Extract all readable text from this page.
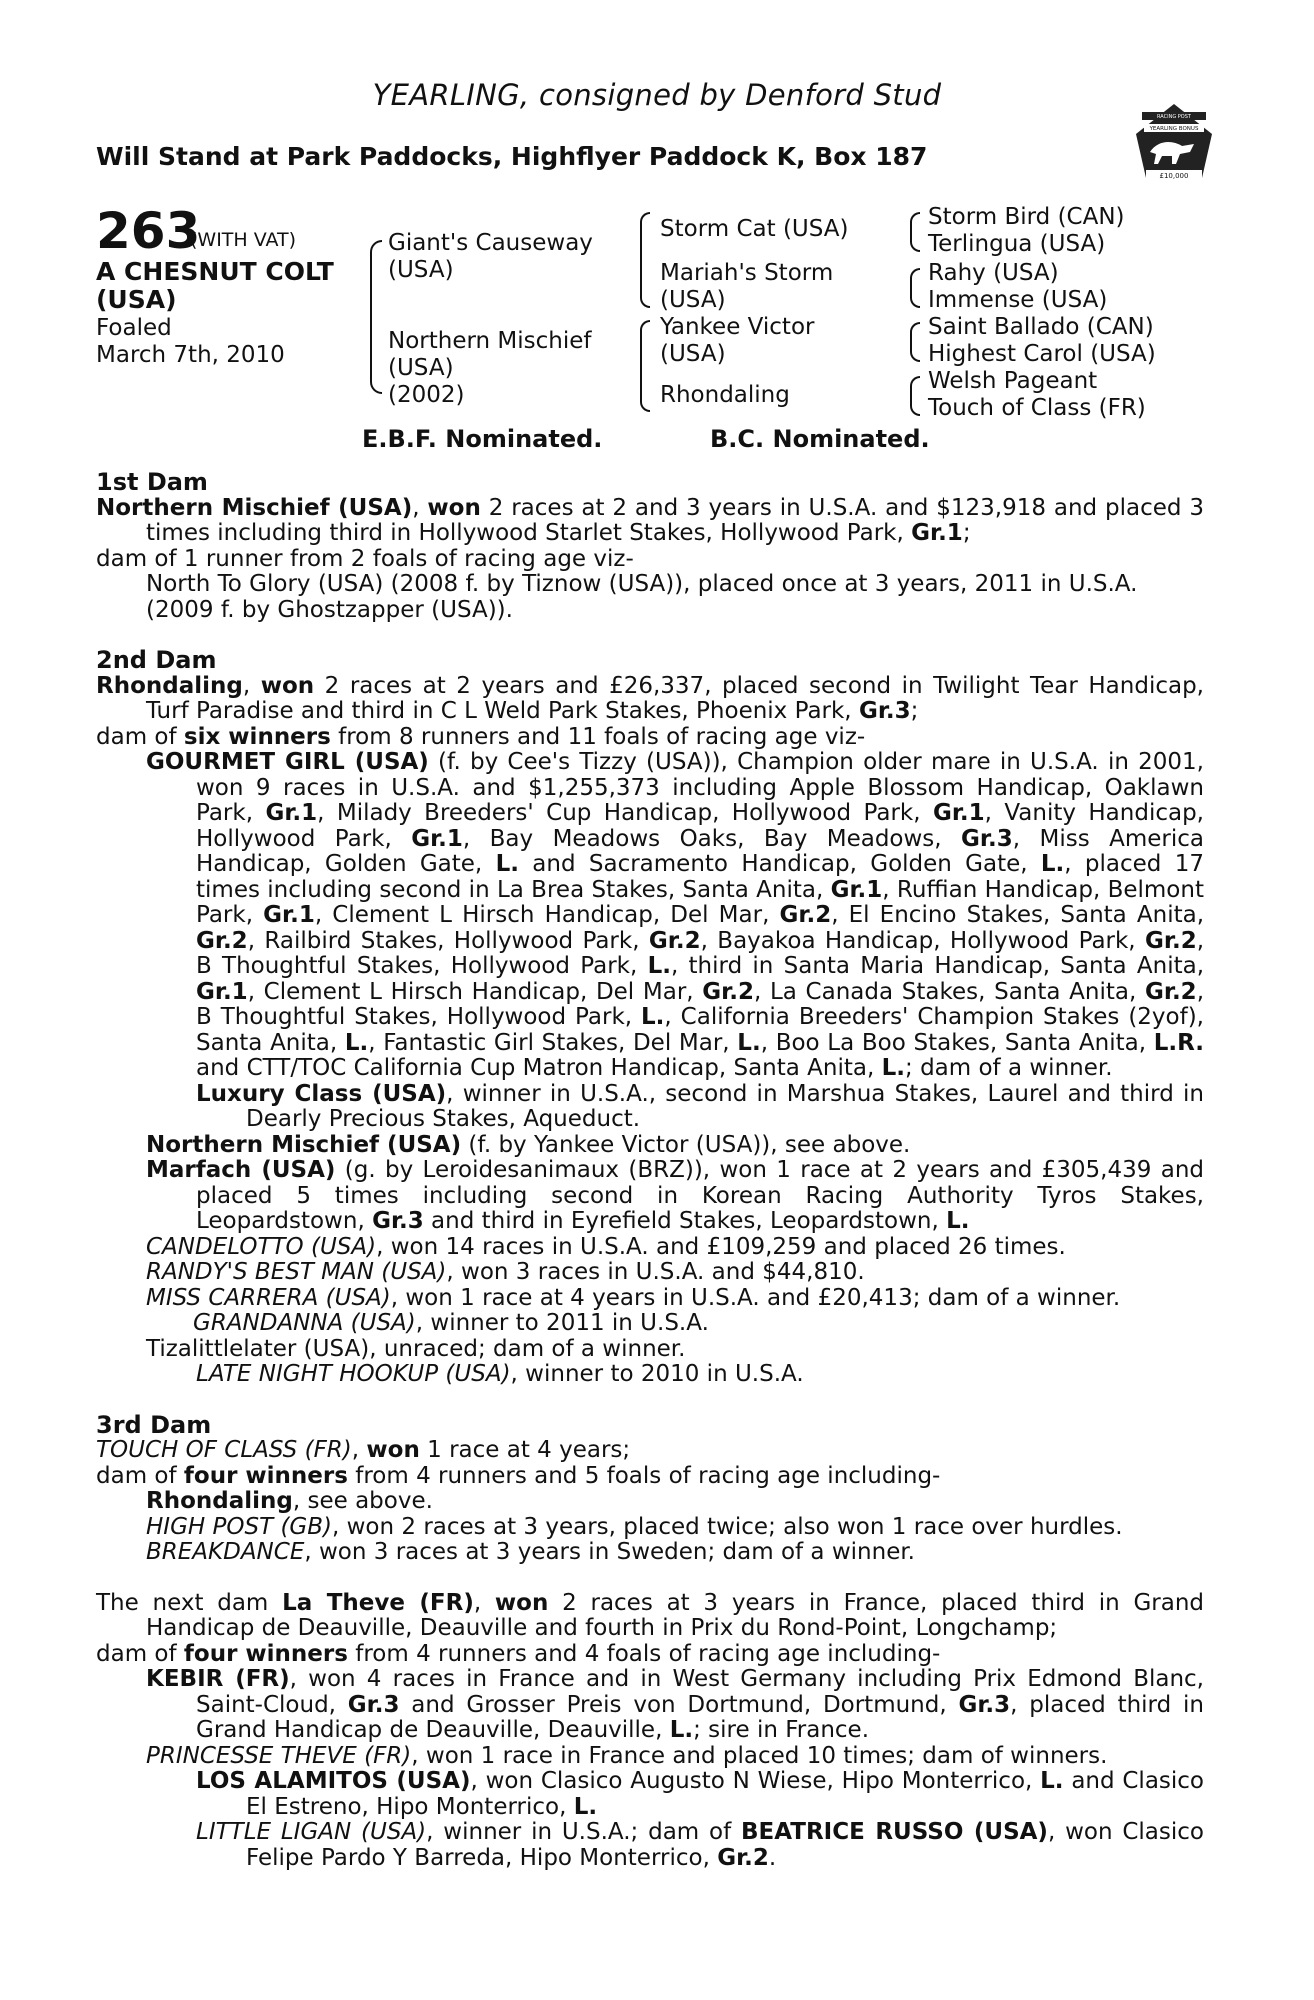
YEARLING, consigned by Denford Stud
Will Stand at Park Paddocks, Highflyer Paddock K, Box 187
RACING POST
YEARLING BONUS
£10,000
263
(WITH VAT)
A CHESNUT COLT
(USA)
Foaled
March 7th, 2010
Giant's Causeway
(USA)
Northern Mischief
(USA)
(2002)
Storm Cat (USA)
Mariah's Storm
(USA)
Yankee Victor
(USA)
Rhondaling
Storm Bird (CAN)
Terlingua (USA)
Rahy (USA)
Immense (USA)
Saint Ballado (CAN)
Highest Carol (USA)
Welsh Pageant
Touch of Class (FR)
E.B.F. Nominated.	B.C. Nominated.
1st Dam
Northern Mischief (USA), won 2 races at 2 and 3 years in U.S.A. and $123,918 and placed 3 times including third in Hollywood Starlet Stakes, Hollywood Park, Gr.1;
dam of 1 runner from 2 foals of racing age viz-
North To Glory (USA) (2008 f. by Tiznow (USA)), placed once at 3 years, 2011 in U.S.A.
(2009 f. by Ghostzapper (USA)).
2nd Dam
Rhondaling, won 2 races at 2 years and £26,337, placed second in Twilight Tear Handicap, Turf Paradise and third in C L Weld Park Stakes, Phoenix Park, Gr.3;
dam of six winners from 8 runners and 11 foals of racing age viz-
GOURMET GIRL (USA) (f. by Cee's Tizzy (USA)), Champion older mare in U.S.A. in 2001, won 9 races in U.S.A. and $1,255,373 including Apple Blossom Handicap, Oaklawn Park, Gr.1, Milady Breeders' Cup Handicap, Hollywood Park, Gr.1, Vanity Handicap, Hollywood Park, Gr.1, Bay Meadows Oaks, Bay Meadows, Gr.3, Miss America Handicap, Golden Gate, L. and Sacramento Handicap, Golden Gate, L., placed 17 times including second in La Brea Stakes, Santa Anita, Gr.1, Ruffian Handicap, Belmont Park, Gr.1, Clement L Hirsch Handicap, Del Mar, Gr.2, El Encino Stakes, Santa Anita, Gr.2, Railbird Stakes, Hollywood Park, Gr.2, Bayakoa Handicap, Hollywood Park, Gr.2, B Thoughtful Stakes, Hollywood Park, L., third in Santa Maria Handicap, Santa Anita, Gr.1, Clement L Hirsch Handicap, Del Mar, Gr.2, La Canada Stakes, Santa Anita, Gr.2, B Thoughtful Stakes, Hollywood Park, L., California Breeders' Champion Stakes (2yof), Santa Anita, L., Fantastic Girl Stakes, Del Mar, L., Boo La Boo Stakes, Santa Anita, L.R. and CTT/TOC California Cup Matron Handicap, Santa Anita, L.; dam of a winner.
Luxury Class (USA), winner in U.S.A., second in Marshua Stakes, Laurel and third in Dearly Precious Stakes, Aqueduct.
Northern Mischief (USA) (f. by Yankee Victor (USA)), see above.
Marfach (USA) (g. by Leroidesanimaux (BRZ)), won 1 race at 2 years and £305,439 and placed 5 times including second in Korean Racing Authority Tyros Stakes, Leopardstown, Gr.3 and third in Eyrefield Stakes, Leopardstown, L.
CANDELOTTO (USA), won 14 races in U.S.A. and £109,259 and placed 26 times.
RANDY'S BEST MAN (USA), won 3 races in U.S.A. and $44,810.
MISS CARRERA (USA), won 1 race at 4 years in U.S.A. and £20,413; dam of a winner.
GRANDANNA (USA), winner to 2011 in U.S.A.
Tizalittlelater (USA), unraced; dam of a winner.
LATE NIGHT HOOKUP (USA), winner to 2010 in U.S.A.
3rd Dam
TOUCH OF CLASS (FR), won 1 race at 4 years;
dam of four winners from 4 runners and 5 foals of racing age including-
Rhondaling, see above.
HIGH POST (GB), won 2 races at 3 years, placed twice; also won 1 race over hurdles.
BREAKDANCE, won 3 races at 3 years in Sweden; dam of a winner.
The next dam La Theve (FR), won 2 races at 3 years in France, placed third in Grand Handicap de Deauville, Deauville and fourth in Prix du Rond-Point, Longchamp;
dam of four winners from 4 runners and 4 foals of racing age including-
KEBIR (FR), won 4 races in France and in West Germany including Prix Edmond Blanc, Saint-Cloud, Gr.3 and Grosser Preis von Dortmund, Dortmund, Gr.3, placed third in Grand Handicap de Deauville, Deauville, L.; sire in France.
PRINCESSE THEVE (FR), won 1 race in France and placed 10 times; dam of winners.
LOS ALAMITOS (USA), won Clasico Augusto N Wiese, Hipo Monterrico, L. and Clasico El Estreno, Hipo Monterrico, L.
LITTLE LIGAN (USA), winner in U.S.A.; dam of BEATRICE RUSSO (USA), won Clasico Felipe Pardo Y Barreda, Hipo Monterrico, Gr.2.
